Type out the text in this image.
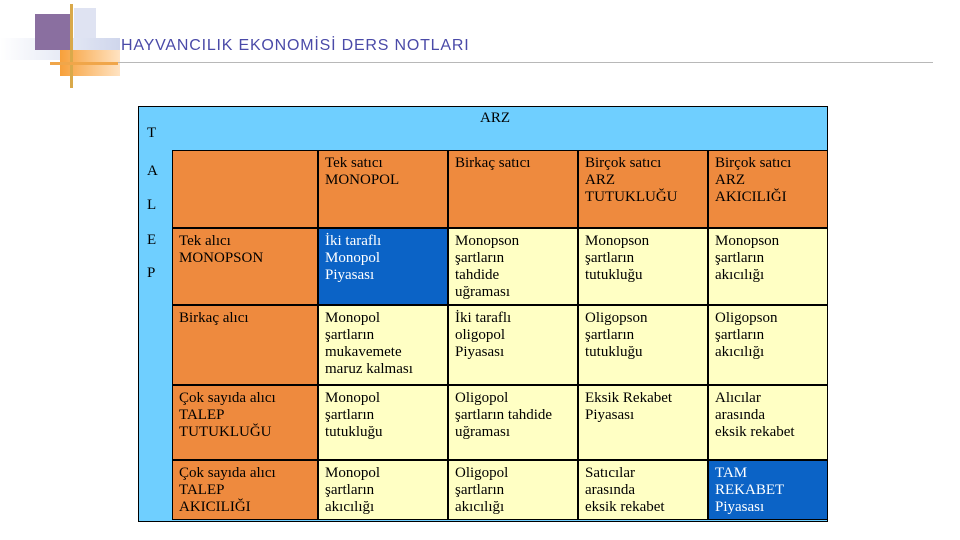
HAYVANCILIK EKONOMİSİ DERS NOTLARI
ARZ
T
A
L
E
P
Tek satıcı
MONOPOL
Birkaç satıcı	Birçok satıcı
ARZ
TUTUKLUĞU
Birçok satıcı
ARZ
AKICILIĞI
Tek alıcı
MONOPSON
İki taraflı
Monopol
Piyasası
Monopson
şartların
tahdide
uğraması
Monopson
şartların
tutukluğu
Monopson
şartların
akıcılığı
Birkaç alıcı	Monopol
şartların
mukavemete
maruz kalması
İki taraflı
oligopol
Piyasası
Oligopson
şartların
tutukluğu
Oligopson
şartların
akıcılığı
Çok sayıda alıcı
TALEP
TUTUKLUĞU
Monopol
şartların
tutukluğu
Oligopol
şartların tahdide
uğraması
Eksik Rekabet
Piyasası
Alıcılar
arasında
eksik rekabet
Çok sayıda alıcı
TALEP
AKICILIĞI
Monopol
şartların
akıcılığı
Oligopol
şartların
akıcılığı
Satıcılar
arasında
eksik rekabet
TAM
REKABET
Piyasası
